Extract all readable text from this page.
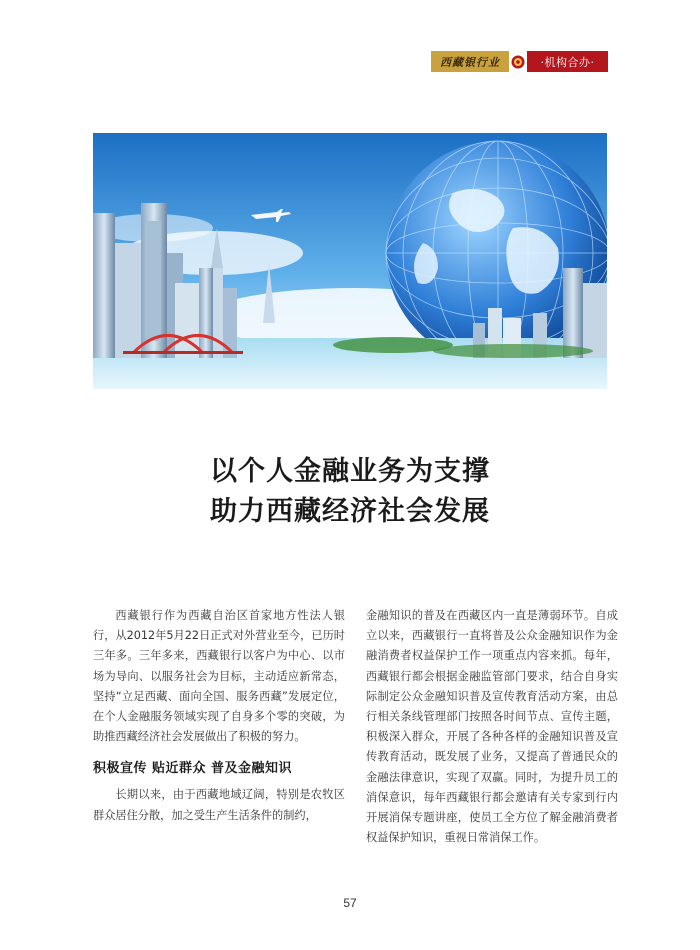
西藏银行业	·机构合办·
以个人金融业务为支撑
助力西藏经济社会发展

西藏银行作为西藏自治区首家地方性法人银行，从2012年5月22日正式对外营业至今，已历时三年多。三年多来，西藏银行以客户为中心、以市场为导向、以服务社会为目标，主动适应新常态，坚持“立足西藏、面向全国、服务西藏”发展定位，在个人金融服务领域实现了自身多个零的突破，为助推西藏经济社会发展做出了积极的努力。

积极宣传 贴近群众 普及金融知识

长期以来，由于西藏地域辽阔，特别是农牧区群众居住分散，加之受生产生活条件的制约，

金融知识的普及在西藏区内一直是薄弱环节。自成立以来，西藏银行一直将普及公众金融知识作为金融消费者权益保护工作一项重点内容来抓。每年，西藏银行都会根据金融监管部门要求，结合自身实际制定公众金融知识普及宣传教育活动方案，由总行相关条线管理部门按照各时间节点、宣传主题，积极深入群众，开展了各种各样的金融知识普及宣传教育活动，既发展了业务，又提高了普通民众的金融法律意识，实现了双赢。同时，为提升员工的消保意识，每年西藏银行都会邀请有关专家到行内开展消保专题讲座，使员工全方位了解金融消费者权益保护知识，重视日常消保工作。

57
